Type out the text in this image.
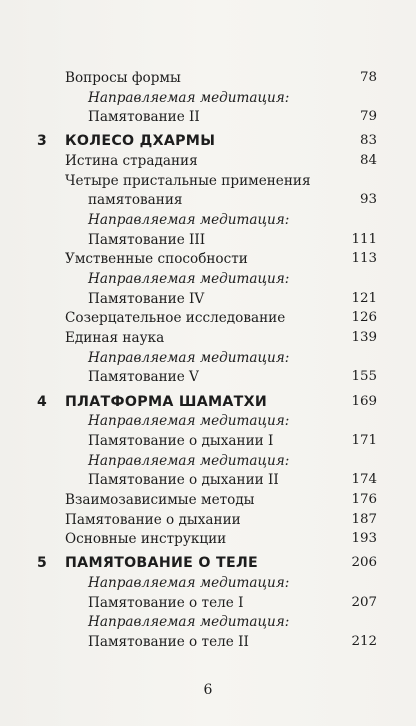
Вопросы формы	78
Направляемая медитация:
Памятование II	79
3 КОЛЕСО ДХАРМЫ	83
Истина страдания	84
Четыре пристальные применения
памятования	93
Направляемая медитация:
Памятование III	111
Умственные способности	113
Направляемая медитация:
Памятование IV	121
Созерцательное исследование	126
Единая наука	139
Направляемая медитация:
Памятование V	155
4 ПЛАТФОРМА ШАМАТХИ	169
Направляемая медитация:
Памятование о дыхании I	171
Направляемая медитация:
Памятование о дыхании II	174
Взаимозависимые методы	176
Памятование о дыхании	187
Основные инструкции	193
5 ПАМЯТОВАНИЕ О ТЕЛЕ	206
Направляемая медитация:
Памятование о теле I	207
Направляемая медитация:
Памятование о теле II	212
6
